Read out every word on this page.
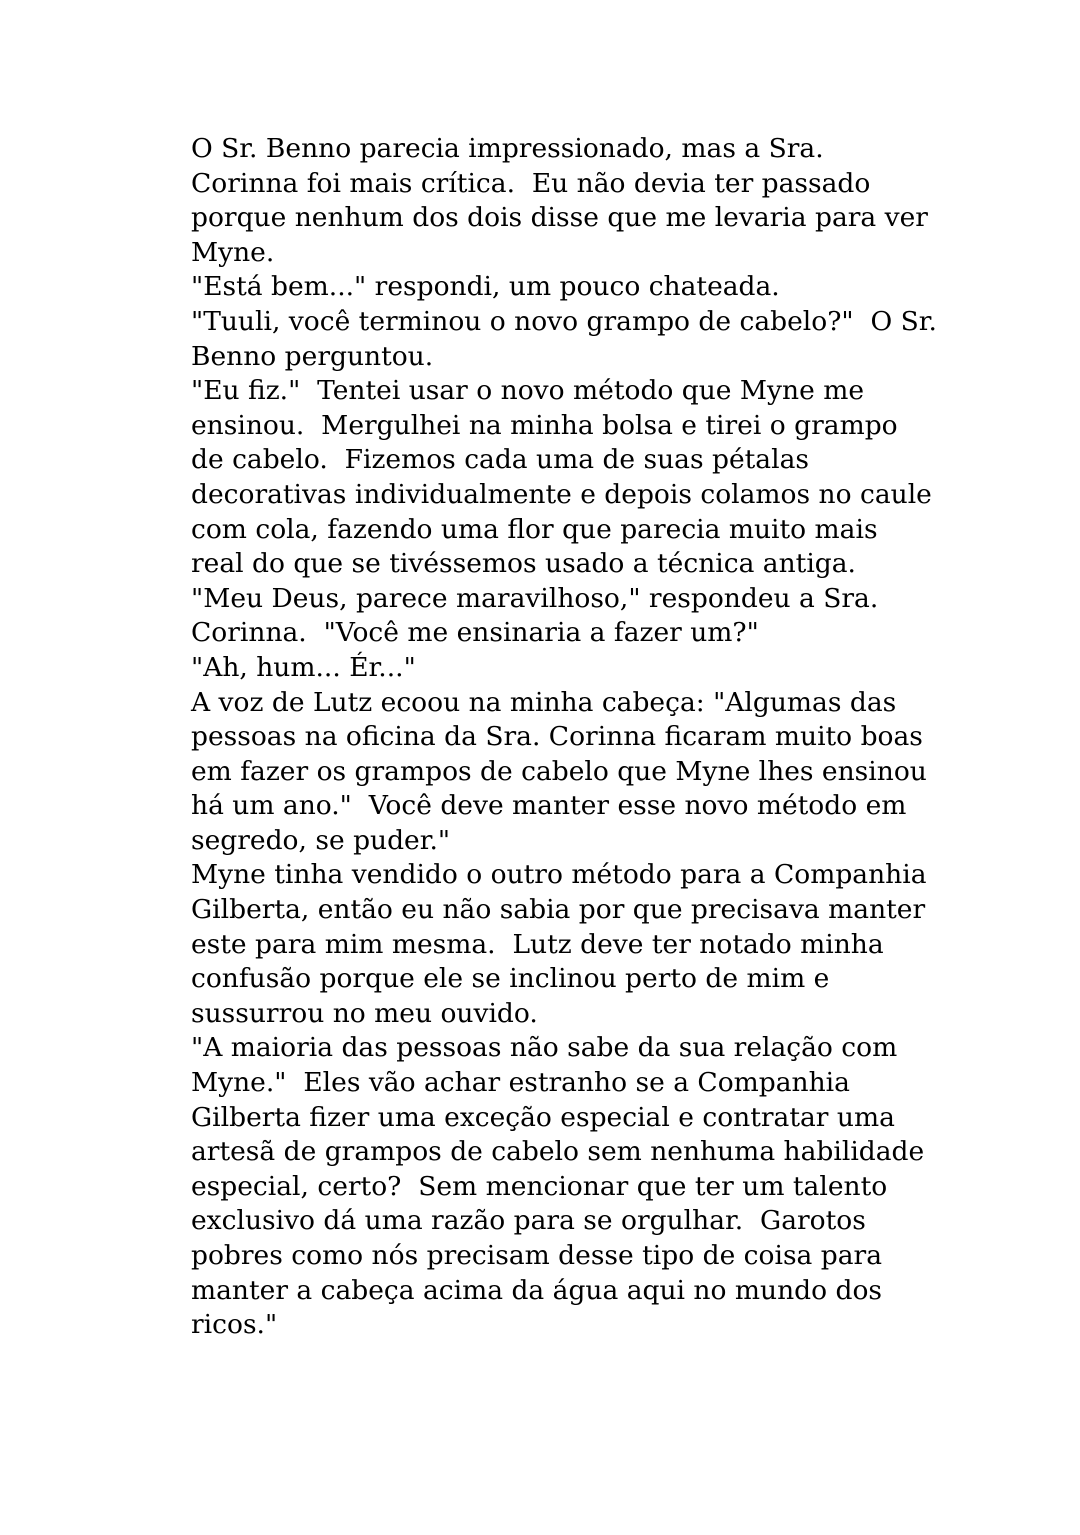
O Sr. Benno parecia impressionado, mas a Sra.
Corinna foi mais crítica.  Eu não devia ter passado
porque nenhum dos dois disse que me levaria para ver
Myne.
"Está bem..." respondi, um pouco chateada.
"Tuuli, você terminou o novo grampo de cabelo?"  O Sr.
Benno perguntou.
"Eu fiz."  Tentei usar o novo método que Myne me
ensinou.  Mergulhei na minha bolsa e tirei o grampo
de cabelo.  Fizemos cada uma de suas pétalas
decorativas individualmente e depois colamos no caule
com cola, fazendo uma flor que parecia muito mais
real do que se tivéssemos usado a técnica antiga.
"Meu Deus, parece maravilhoso," respondeu a Sra.
Corinna.  "Você me ensinaria a fazer um?"
"Ah, hum... Ér..."
A voz de Lutz ecoou na minha cabeça: "Algumas das
pessoas na oficina da Sra. Corinna ficaram muito boas
em fazer os grampos de cabelo que Myne lhes ensinou
há um ano."  Você deve manter esse novo método em
segredo, se puder."
Myne tinha vendido o outro método para a Companhia
Gilberta, então eu não sabia por que precisava manter
este para mim mesma.  Lutz deve ter notado minha
confusão porque ele se inclinou perto de mim e
sussurrou no meu ouvido.
"A maioria das pessoas não sabe da sua relação com
Myne."  Eles vão achar estranho se a Companhia
Gilberta fizer uma exceção especial e contratar uma
artesã de grampos de cabelo sem nenhuma habilidade
especial, certo?  Sem mencionar que ter um talento
exclusivo dá uma razão para se orgulhar.  Garotos
pobres como nós precisam desse tipo de coisa para
manter a cabeça acima da água aqui no mundo dos
ricos."
